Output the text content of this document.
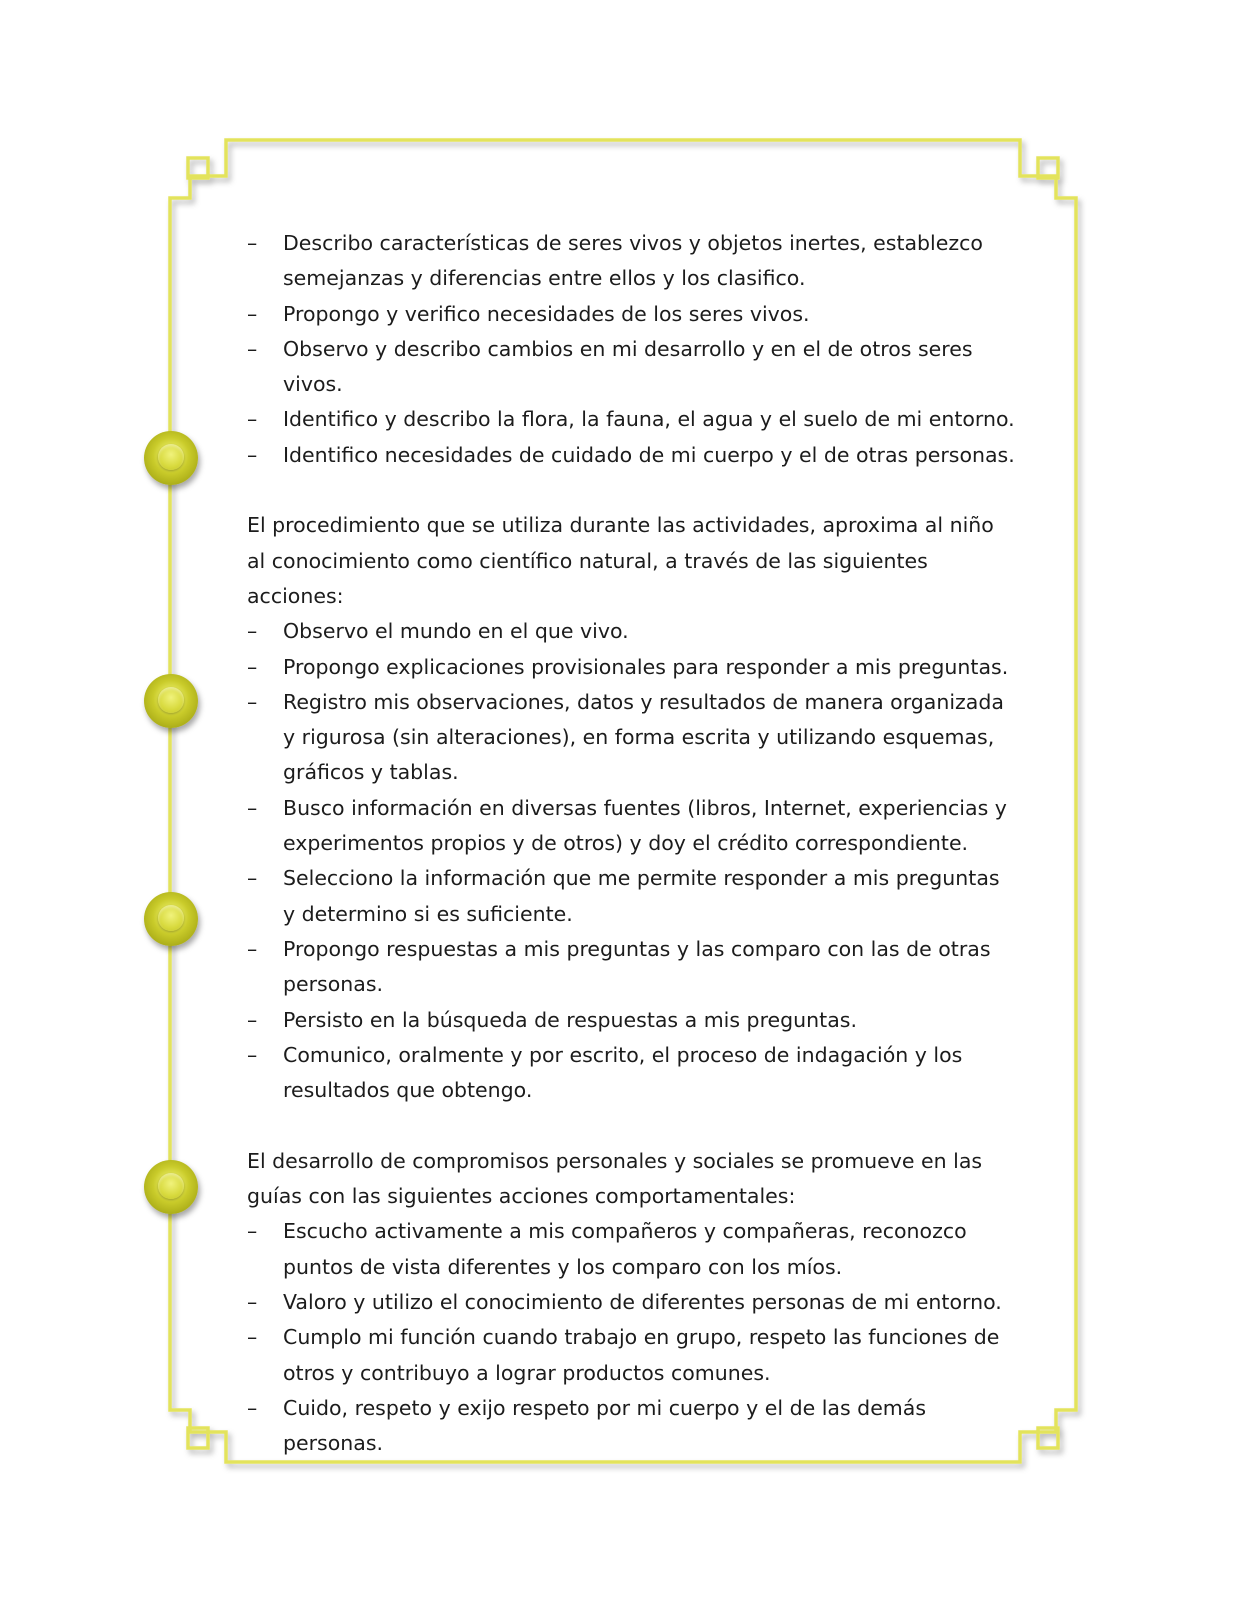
–	Describo características de seres vivos y objetos inertes, establezco semejanzas y diferencias entre ellos y los clasifico.
–	Propongo y verifico necesidades de los seres vivos.
–	Observo y describo cambios en mi desarrollo y en el de otros seres vivos.
–	Identifico y describo la flora, la fauna, el agua y el suelo de mi entorno.
–	Identifico necesidades de cuidado de mi cuerpo y el de otras personas.

El procedimiento que se utiliza durante las actividades, aproxima al niño al conocimiento como científico natural, a través de las siguientes acciones:

–	Observo el mundo en el que vivo.
–	Propongo explicaciones provisionales para responder a mis preguntas.
–	Registro mis observaciones, datos y resultados de manera organizada y rigurosa (sin alteraciones), en forma escrita y utilizando esquemas, gráficos y tablas.
–	Busco información en diversas fuentes (libros, Internet, experiencias y experimentos propios y de otros) y doy el crédito correspondiente.
–	Selecciono la información que me permite responder a mis preguntas y determino si es suficiente.
–	Propongo respuestas a mis preguntas y las comparo con las de otras personas.
–	Persisto en la búsqueda de respuestas a mis preguntas.
–	Comunico, oralmente y por escrito, el proceso de indagación y los resultados que obtengo.

El desarrollo de compromisos personales y sociales se promueve en las guías con las siguientes acciones comportamentales:

–	Escucho activamente a mis compañeros y compañeras, reconozco puntos de vista diferentes y los comparo con los míos.
–	Valoro y utilizo el conocimiento de diferentes personas de mi entorno.
–	Cumplo mi función cuando trabajo en grupo, respeto las funciones de otros y contribuyo a lograr productos comunes.
–	Cuido, respeto y exijo respeto por mi cuerpo y el de las demás personas.
